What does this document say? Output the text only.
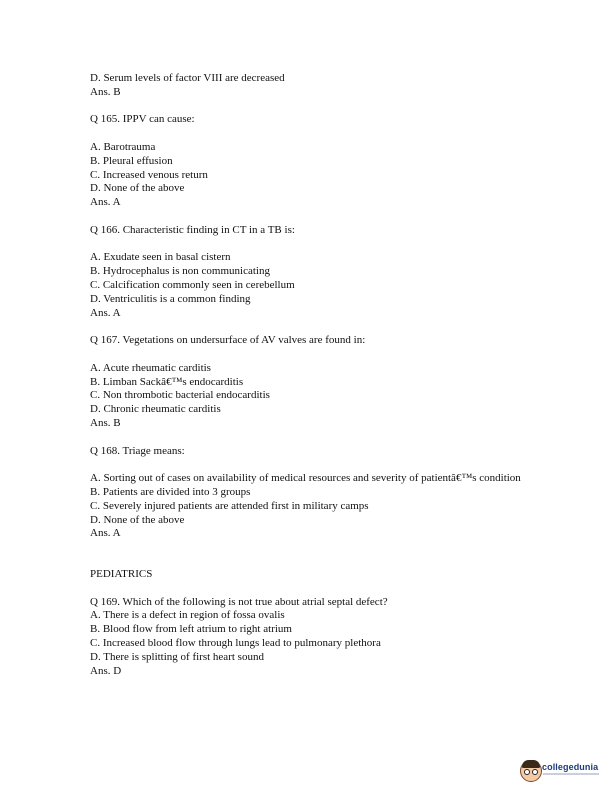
D. Serum levels of factor VIII are decreased
Ans. B
Q 165. IPPV can cause:
A. Barotrauma
B. Pleural effusion
C. Increased venous return
D. None of the above
Ans. A
Q 166. Characteristic finding in CT in a TB is:
A. Exudate seen in basal cistern
B. Hydrocephalus is non communicating
C. Calcification commonly seen in cerebellum
D. Ventriculitis is a common finding
Ans. A
Q 167. Vegetations on undersurface of AV valves are found in:
A. Acute rheumatic carditis
B. Limban Sackâ€™s endocarditis
C. Non thrombotic bacterial endocarditis
D. Chronic rheumatic carditis
Ans. B
Q 168. Triage means:
A. Sorting out of cases on availability of medical resources and severity of patientâ€™s condition
B. Patients are divided into 3 groups
C. Severely injured patients are attended first in military camps
D. None of the above
Ans. A
PEDIATRICS
Q 169. Which of the following is not true about atrial septal defect?
A. There is a defect in region of fossa ovalis
B. Blood flow from left atrium to right atrium
C. Increased blood flow through lungs lead to pulmonary plethora
D. There is splitting of first heart sound
Ans. D
collegedunia
